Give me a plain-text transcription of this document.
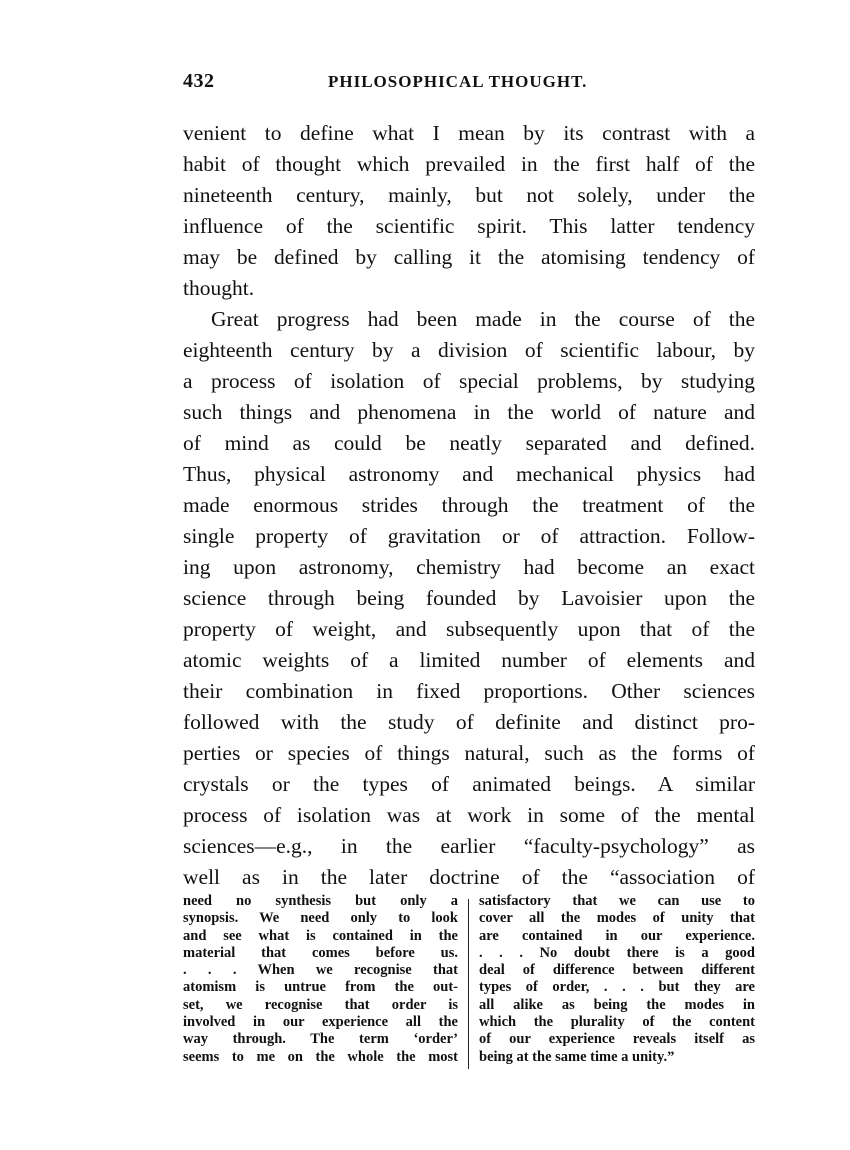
432	PHILOSOPHICAL THOUGHT.
venient to define what I mean by its contrast with a
habit of thought which prevailed in the first half of the
nineteenth century, mainly, but not solely, under the
influence of the scientific spirit. This latter tendency
may be defined by calling it the atomising tendency of
thought.
Great progress had been made in the course of the
eighteenth century by a division of scientific labour, by
a process of isolation of special problems, by studying
such things and phenomena in the world of nature and
of mind as could be neatly separated and defined.
Thus, physical astronomy and mechanical physics had
made enormous strides through the treatment of the
single property of gravitation or of attraction. Follow-
ing upon astronomy, chemistry had become an exact
science through being founded by Lavoisier upon the
property of weight, and subsequently upon that of the
atomic weights of a limited number of elements and
their combination in fixed proportions. Other sciences
followed with the study of definite and distinct pro-
perties or species of things natural, such as the forms of
crystals or the types of animated beings. A similar
process of isolation was at work in some of the mental
sciences—e.g., in the earlier “faculty-psychology” as
well as in the later doctrine of the “association of
need no synthesis but only a
synopsis. We need only to look
and see what is contained in the
material that comes before us.
. . . When we recognise that
atomism is untrue from the out-
set, we recognise that order is
involved in our experience all the
way through. The term ‘order’
seems to me on the whole the most
satisfactory that we can use to
cover all the modes of unity that
are contained in our experience.
. . . No doubt there is a good
deal of difference between different
types of order, . . . but they are
all alike as being the modes in
which the plurality of the content
of our experience reveals itself as
being at the same time a unity.”
